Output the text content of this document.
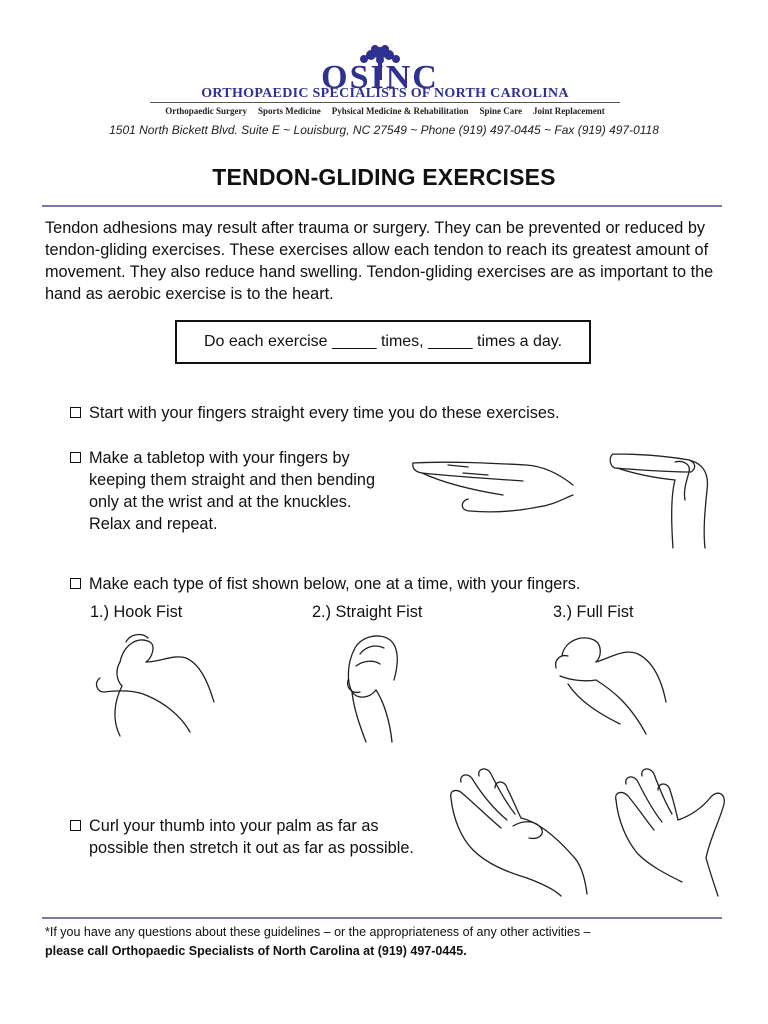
OSINC
ORTHOPAEDIC SPECIALISTS OF NORTH CAROLINA
Orthopaedic Surgery Sports Medicine Pyhsical Medicine & Rehabilitation Spine Care Joint Replacement
1501 North Bickett Blvd. Suite E ~ Louisburg, NC 27549 ~ Phone (919) 497-0445 ~ Fax (919) 497-0118
TENDON-GLIDING EXERCISES

Tendon adhesions may result after trauma or surgery. They can be prevented or reduced by tendon-gliding exercises. These exercises allow each tendon to reach its greatest amount of movement. They also reduce hand swelling. Tendon-gliding exercises are as important to the hand as aerobic exercise is to the heart.

Do each exercise _____ times, _____ times a day.
Start with your fingers straight every time you do these exercises.
Make a tabletop with your fingers by keeping them straight and then bending only at the wrist and at the knuckles. Relax and repeat.
Make each type of fist shown below, one at a time, with your fingers.
1.) Hook Fist	2.) Straight Fist	3.) Full Fist
Curl your thumb into your palm as far as possible then stretch it out as far as possible.
*If you have any questions about these guidelines – or the appropriateness of any other activities –
please call Orthopaedic Specialists of North Carolina at (919) 497-0445.
